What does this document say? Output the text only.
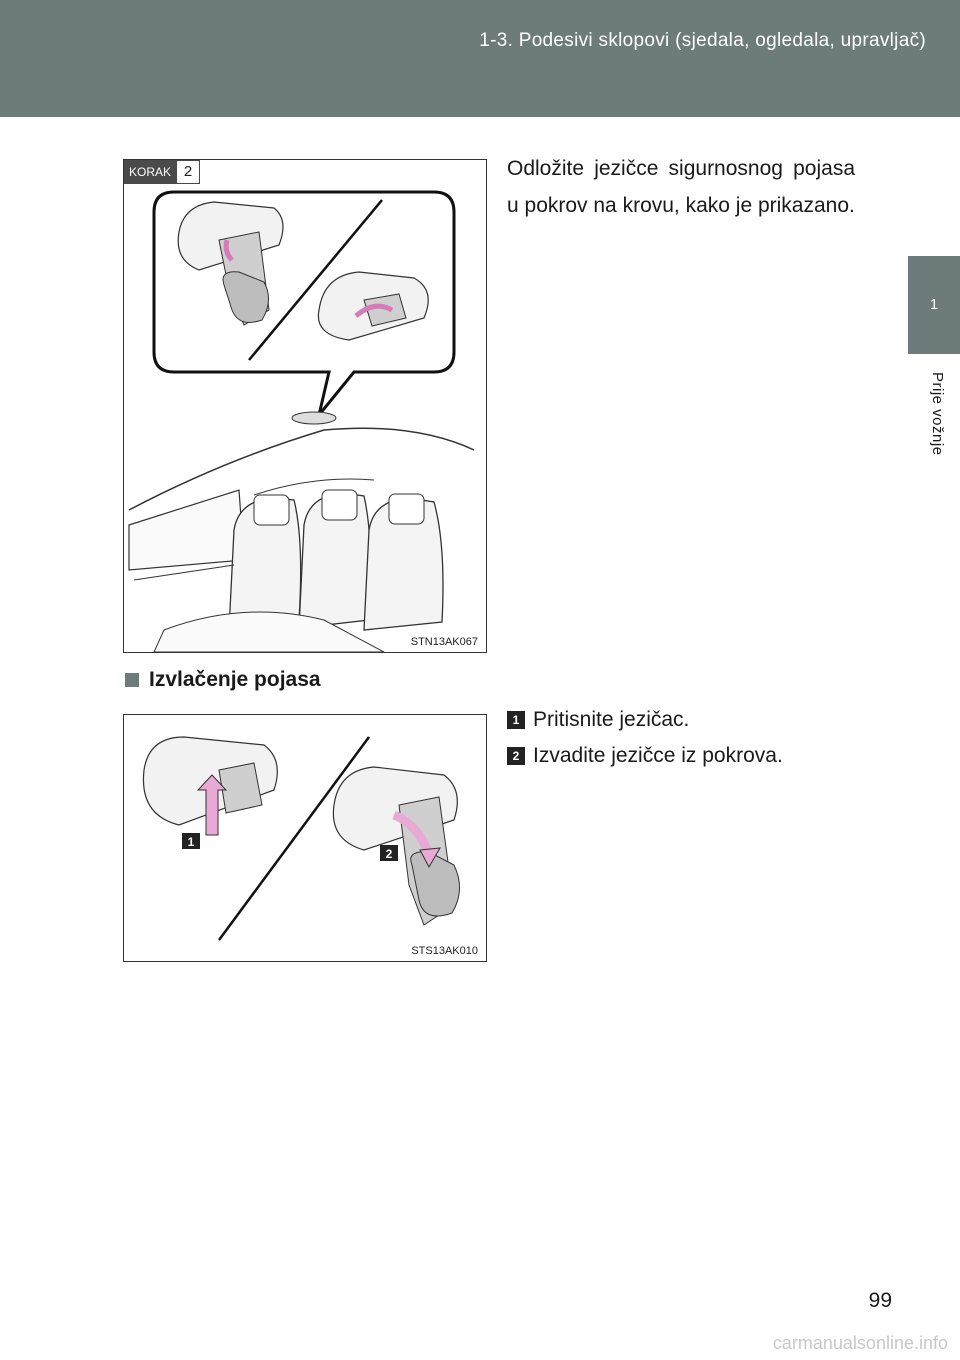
1-3. Podesivi sklopovi (sjedala, ogledala, upravljač)
1
Prije vožnje
KORAK 2
STN13AK067
Odložite jezičce sigurnosnog pojasa u pokrov na krovu, kako je prikazano.
Izvlačenje pojasa
1
2
STS13AK010
1 Pritisnite jezičac.
2 Izvadite jezičce iz pokrova.
99
carmanualsonline.info
